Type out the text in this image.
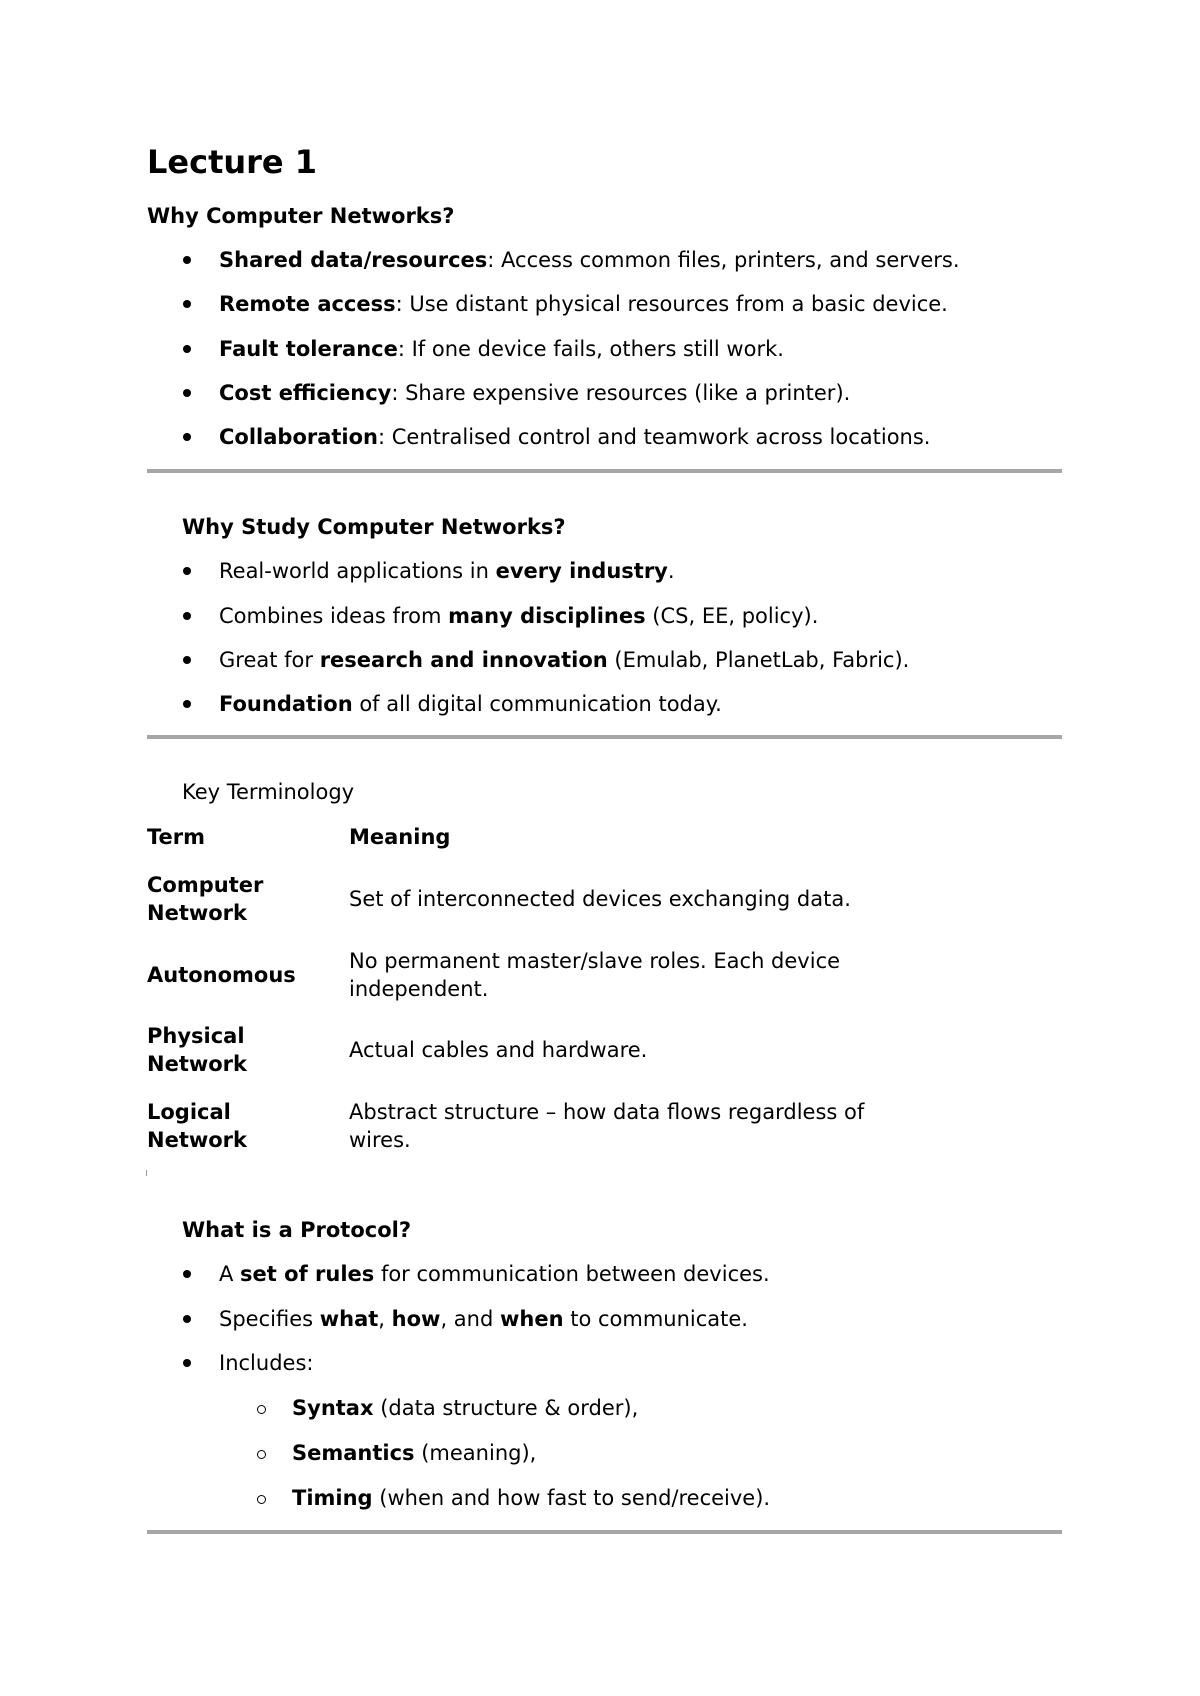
Lecture 1
Why Computer Networks?
Shared data/resources: Access common files, printers, and servers.
Remote access: Use distant physical resources from a basic device.
Fault tolerance: If one device fails, others still work.
Cost efficiency: Share expensive resources (like a printer).
Collaboration: Centralised control and teamwork across locations.
Why Study Computer Networks?
Real-world applications in every industry.
Combines ideas from many disciplines (CS, EE, policy).
Great for research and innovation (Emulab, PlanetLab, Fabric).
Foundation of all digital communication today.
Key Terminology
Term	Meaning
Computer Network
Set of interconnected devices exchanging data.
Autonomous
No permanent master/slave roles. Each device independent.
Physical Network
Actual cables and hardware.
Logical Network
Abstract structure – how data flows regardless of wires.
What is a Protocol?
A set of rules for communication between devices.
Specifies what, how, and when to communicate.
Includes:
Syntax (data structure & order),
Semantics (meaning),
Timing (when and how fast to send/receive).
